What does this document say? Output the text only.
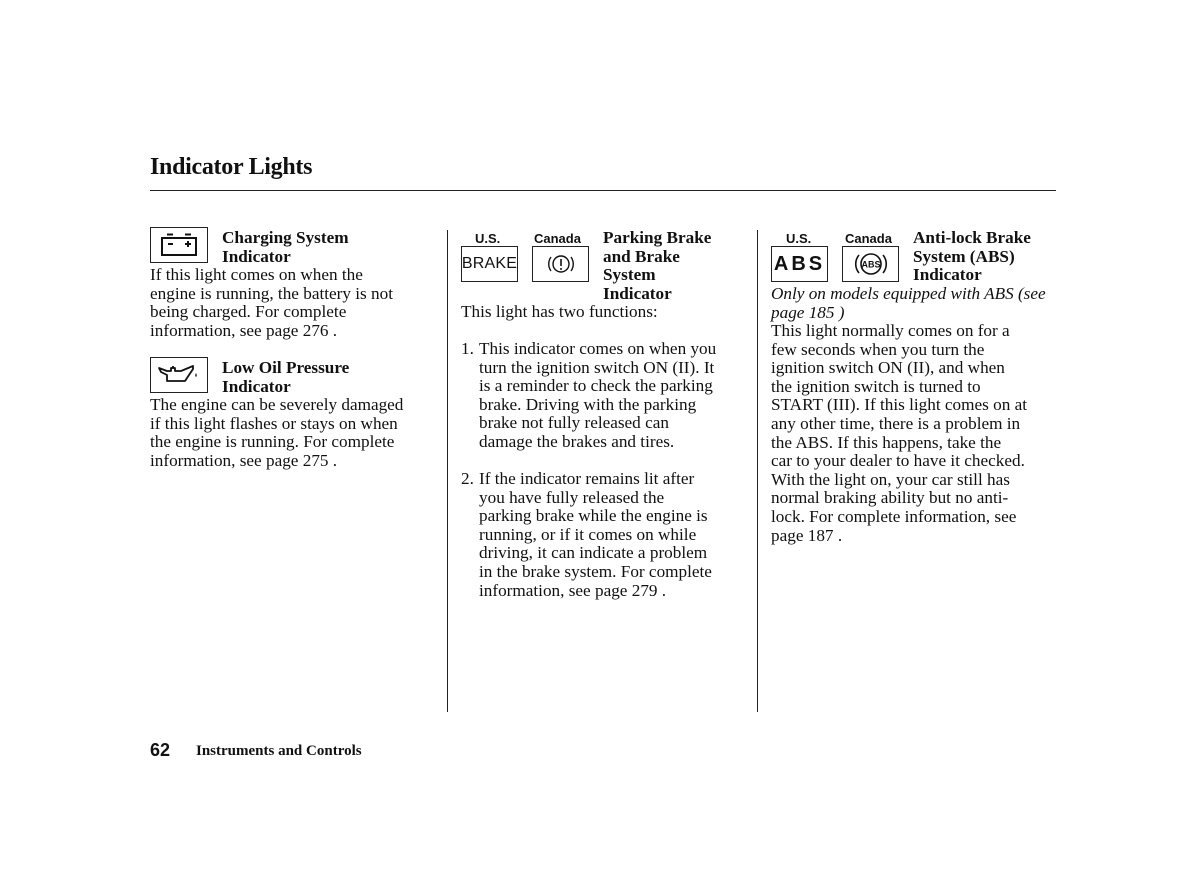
Indicator Lights

Charging System

Indicator

If this light comes on when the

engine is running, the battery is not

being charged. For complete

information, see page 276 .

Low Oil Pressure

Indicator

The engine can be severely damaged

if this light flashes or stays on when

the engine is running. For complete

information, see page 275 .

U.S.	Canada
BRAKE

Parking Brake

and Brake

System

Indicator

This light has two functions:

1. This indicator comes on when you

turn the ignition switch ON (II). It

is a reminder to check the parking

brake. Driving with the parking

brake not fully released can

damage the brakes and tires.

2. If the indicator remains lit after

you have fully released the

parking brake while the engine is

running, or if it comes on while

driving, it can indicate a problem

in the brake system. For complete

information, see page 279 .

U.S.	Canada
ABS	ABS

Anti-lock Brake

System (ABS)

Indicator

Only on models equipped with ABS (see

page 185 )

This light normally comes on for a

few seconds when you turn the

ignition switch ON (II), and when

the ignition switch is turned to

START (III). If this light comes on at

any other time, there is a problem in

the ABS. If this happens, take the

car to your dealer to have it checked.

With the light on, your car still has

normal braking ability but no anti-

lock. For complete information, see

page 187 .

62 Instruments and Controls
